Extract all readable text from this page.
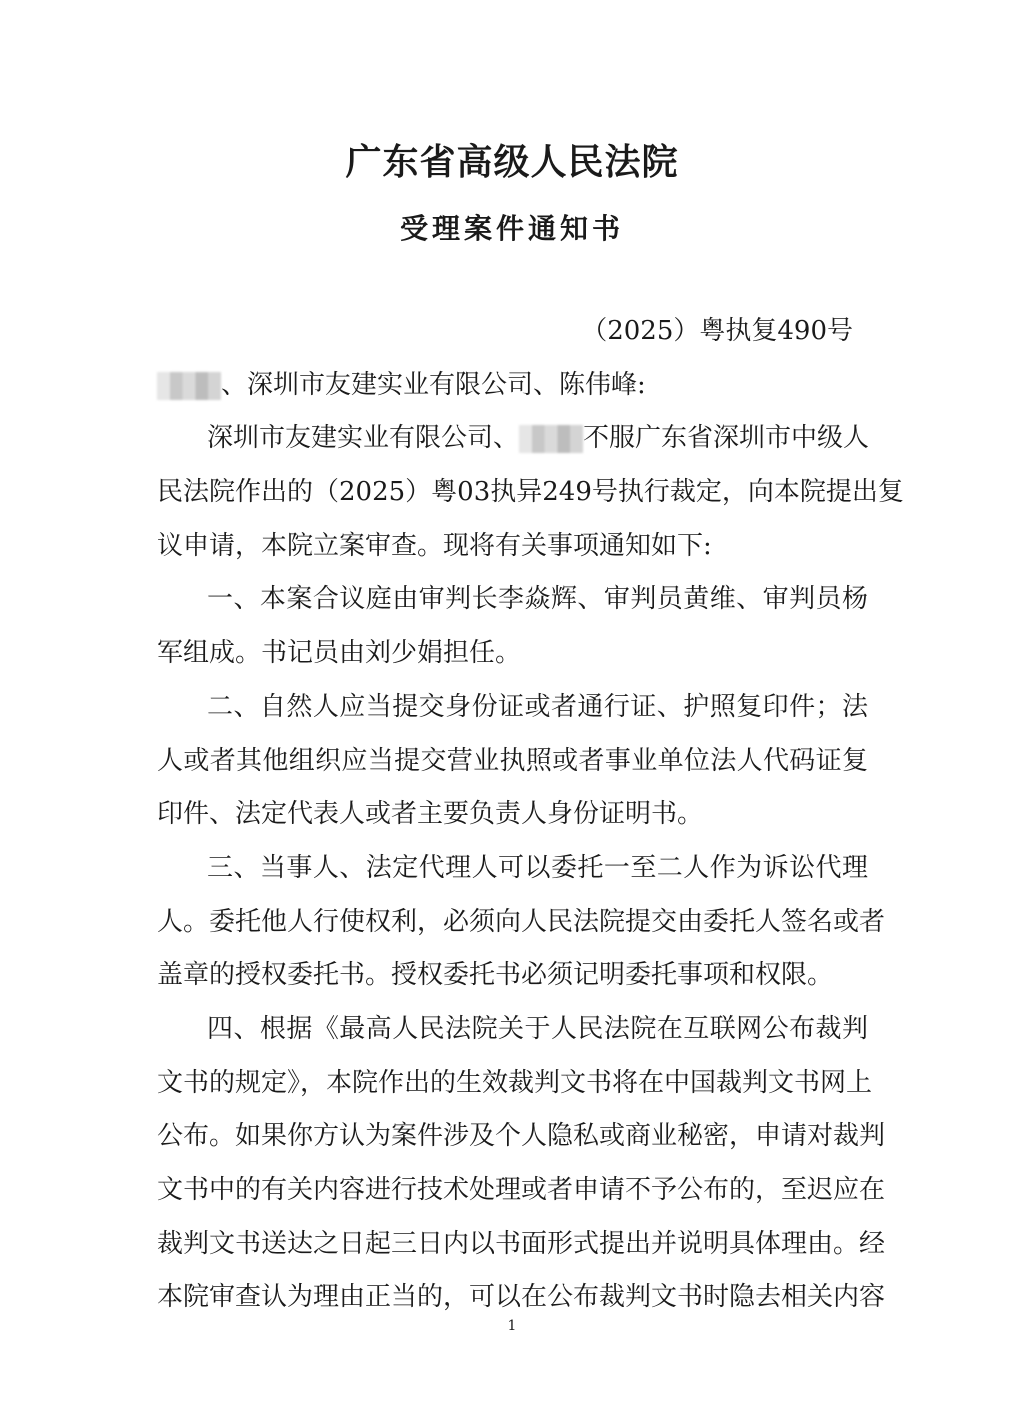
广东省高级人民法院
受理案件通知书
（2025）粤执复490号
、深圳市友建实业有限公司、陈伟峰:
深圳市友建实业有限公司、 不服广东省深圳市中级人
民法院作出的（2025）粤03执异249号执行裁定，向本院提出复
议申请，本院立案审查。现将有关事项通知如下:
一、本案合议庭由审判长李焱辉、审判员黄维、审判员杨
军组成。书记员由刘少娟担任。
二、自然人应当提交身份证或者通行证、护照复印件；法
人或者其他组织应当提交营业执照或者事业单位法人代码证复
印件、法定代表人或者主要负责人身份证明书。
三、当事人、法定代理人可以委托一至二人作为诉讼代理
人。委托他人行使权利，必须向人民法院提交由委托人签名或者
盖章的授权委托书。授权委托书必须记明委托事项和权限。
四、根据《最高人民法院关于人民法院在互联网公布裁判
文书的规定》，本院作出的生效裁判文书将在中国裁判文书网上
公布。如果你方认为案件涉及个人隐私或商业秘密，申请对裁判
文书中的有关内容进行技术处理或者申请不予公布的，至迟应在
裁判文书送达之日起三日内以书面形式提出并说明具体理由。经
本院审查认为理由正当的，可以在公布裁判文书时隐去相关内容
1
